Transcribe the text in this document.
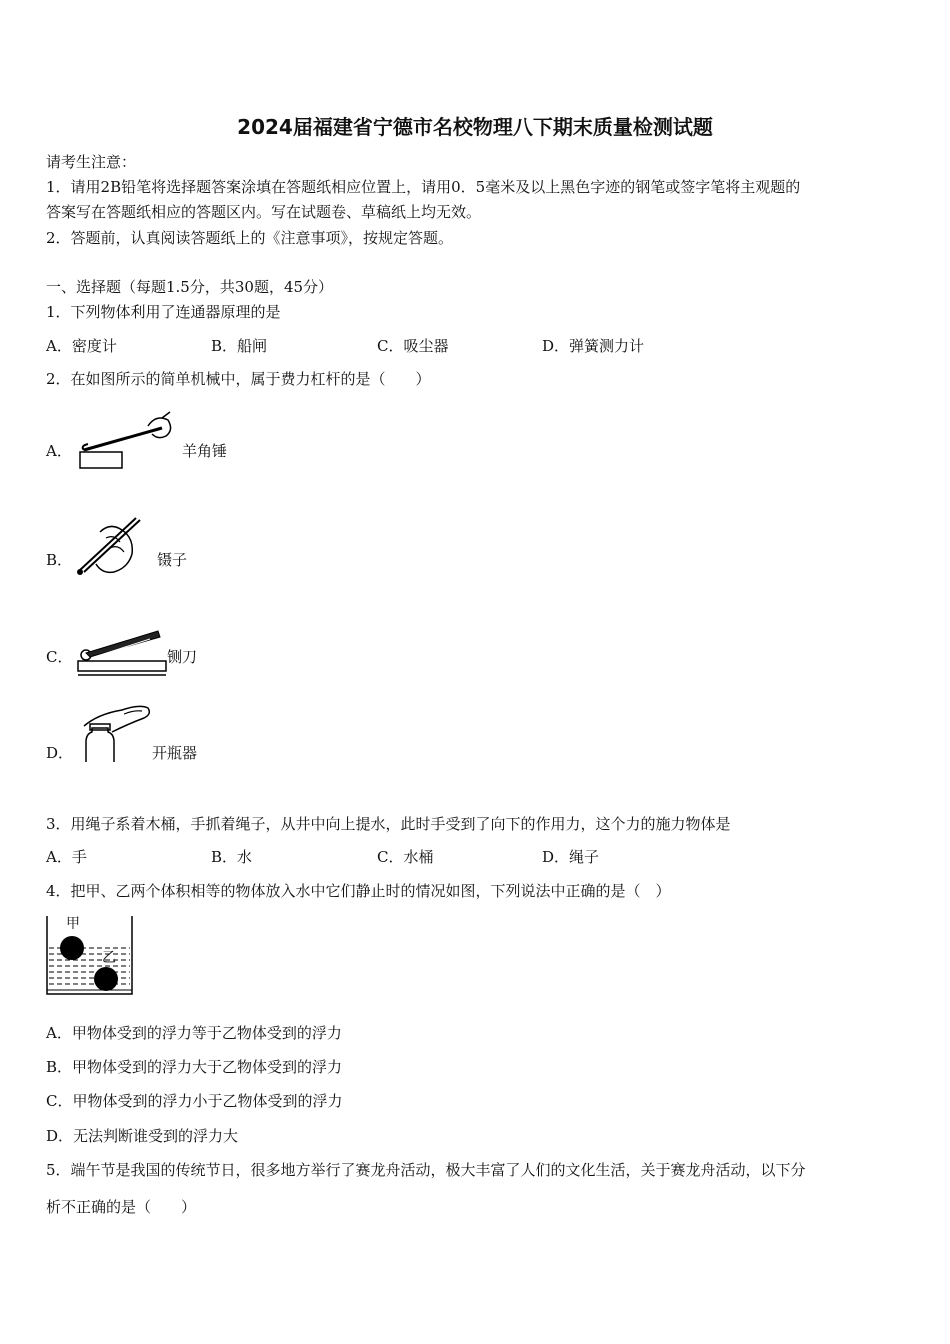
2024届福建省宁德市名校物理八下期末质量检测试题
请考生注意：
1．请用2B铅笔将选择题答案涂填在答题纸相应位置上，请用0．5毫米及以上黑色字迹的钢笔或签字笔将主观题的
答案写在答题纸相应的答题区内。写在试题卷、草稿纸上均无效。
2．答题前，认真阅读答题纸上的《注意事项》，按规定答题。
一、选择题（每题1.5分，共30题，45分）
1．下列物体利用了连通器原理的是
A．密度计	B．船闸	C．吸尘器	D．弹簧测力计
2．在如图所示的简单机械中，属于费力杠杆的是（　　）
A．	羊角锤
B．	镊子
C．	铡刀
D．	开瓶器
3．用绳子系着木桶，手抓着绳子，从井中向上提水，此时手受到了向下的作用力，这个力的施力物体是
A．手	B．水	C．水桶	D．绳子
4．把甲、乙两个体积相等的物体放入水中它们静止时的情况如图，下列说法中正确的是（　）
甲
乙
A．甲物体受到的浮力等于乙物体受到的浮力
B．甲物体受到的浮力大于乙物体受到的浮力
C．甲物体受到的浮力小于乙物体受到的浮力
D．无法判断谁受到的浮力大
5．端午节是我国的传统节日，很多地方举行了赛龙舟活动，极大丰富了人们的文化生活，关于赛龙舟活动，以下分
析不正确的是（　　）
